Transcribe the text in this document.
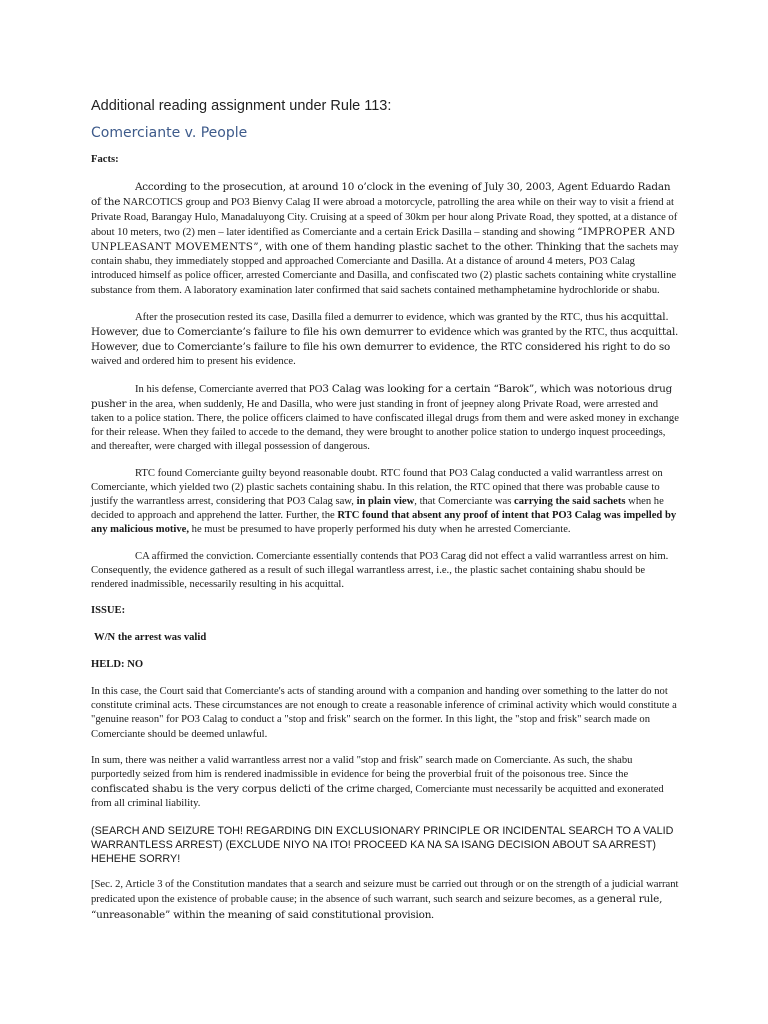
Additional reading assignment under Rule 113:
Comerciante v. People
Facts:

According to the prosecution, at around 10 o’clock in the evening of July 30, 2003, Agent Eduardo Radan of the NARCOTICS group and PO3 Bienvy Calag II were abroad a motorcycle, patrolling the area while on their way to visit a friend at Private Road, Barangay Hulo, Manadaluyong City. Cruising at a speed of 30km per hour along Private Road, they spotted, at a distance of about 10 meters, two (2) men – later identified as Comerciante and a certain Erick Dasilla – standing and showing “IMPROPER AND UNPLEASANT MOVEMENTS”, with one of them handing plastic sachet to the other. Thinking that the sachets may contain shabu, they immediately stopped and approached Comerciante and Dasilla. At a distance of around 4 meters, PO3 Calag introduced himself as police officer, arrested Comerciante and Dasilla, and confiscated two (2) plastic sachets containing white crystalline substance from them. A laboratory examination later confirmed that said sachets contained methamphetamine hydrochloride or shabu.

After the prosecution rested its case, Dasilla filed a demurrer to evidence, which was granted by the RTC, thus his acquittal. However, due to Comerciante’s failure to file his own demurrer to evidence which was granted by the RTC, thus acquittal. However, due to Comerciante’s failure to file his own demurrer to evidence, the RTC considered his right to do so waived and ordered him to present his evidence.

In his defense, Comerciante averred that PO3 Calag was looking for a certain “Barok”, which was notorious drug pusher in the area, when suddenly, He and Dasilla, who were just standing in front of jeepney along Private Road, were arrested and taken to a police station. There, the police officers claimed to have confiscated illegal drugs from them and were asked money in exchange for their release. When they failed to accede to the demand, they were brought to another police station to undergo inquest proceedings, and thereafter, were charged with illegal possession of dangerous.

RTC found Comerciante guilty beyond reasonable doubt. RTC found that PO3 Calag conducted a valid warrantless arrest on Comerciante, which yielded two (2) plastic sachets containing shabu. In this relation, the RTC opined that there was probable cause to justify the warrantless arrest, considering that PO3 Calag saw, in plain view, that Comerciante was carrying the said sachets when he decided to approach and apprehend the latter. Further, the RTC found that absent any proof of intent that PO3 Calag was impelled by any malicious motive, he must be presumed to have properly performed his duty when he arrested Comerciante.

CA affirmed the conviction. Comerciante essentially contends that PO3 Carag did not effect a valid warrantless arrest on him. Consequently, the evidence gathered as a result of such illegal warrantless arrest, i.e., the plastic sachet containing shabu should be rendered inadmissible, necessarily resulting in his acquittal.

ISSUE:
W/N the arrest was valid
HELD: NO

In this case, the Court said that Comerciante's acts of standing around with a companion and handing over something to the latter do not constitute criminal acts. These circumstances are not enough to create a reasonable inference of criminal activity which would constitute a "genuine reason" for PO3 Calag to conduct a "stop and frisk" search on the former. In this light, the "stop and frisk" search made on Comerciante should be deemed unlawful.

In sum, there was neither a valid warrantless arrest nor a valid "stop and frisk" search made on Comerciante. As such, the shabu purportedly seized from him is rendered inadmissible in evidence for being the proverbial fruit of the poisonous tree. Since the confiscated shabu is the very corpus delicti of the crime charged, Comerciante must necessarily be acquitted and exonerated from all criminal liability.

(SEARCH AND SEIZURE TOH! REGARDING DIN EXCLUSIONARY PRINCIPLE OR INCIDENTAL SEARCH TO A VALID WARRANTLESS ARREST) (EXCLUDE NIYO NA ITO! PROCEED KA NA SA ISANG DECISION ABOUT SA ARREST) HEHEHE SORRY!

[Sec. 2, Article 3 of the Constitution mandates that a search and seizure must be carried out through or on the strength of a judicial warrant predicated upon the existence of probable cause; in the absence of such warrant, such search and seizure becomes, as a general rule, “unreasonable” within the meaning of said constitutional provision.
